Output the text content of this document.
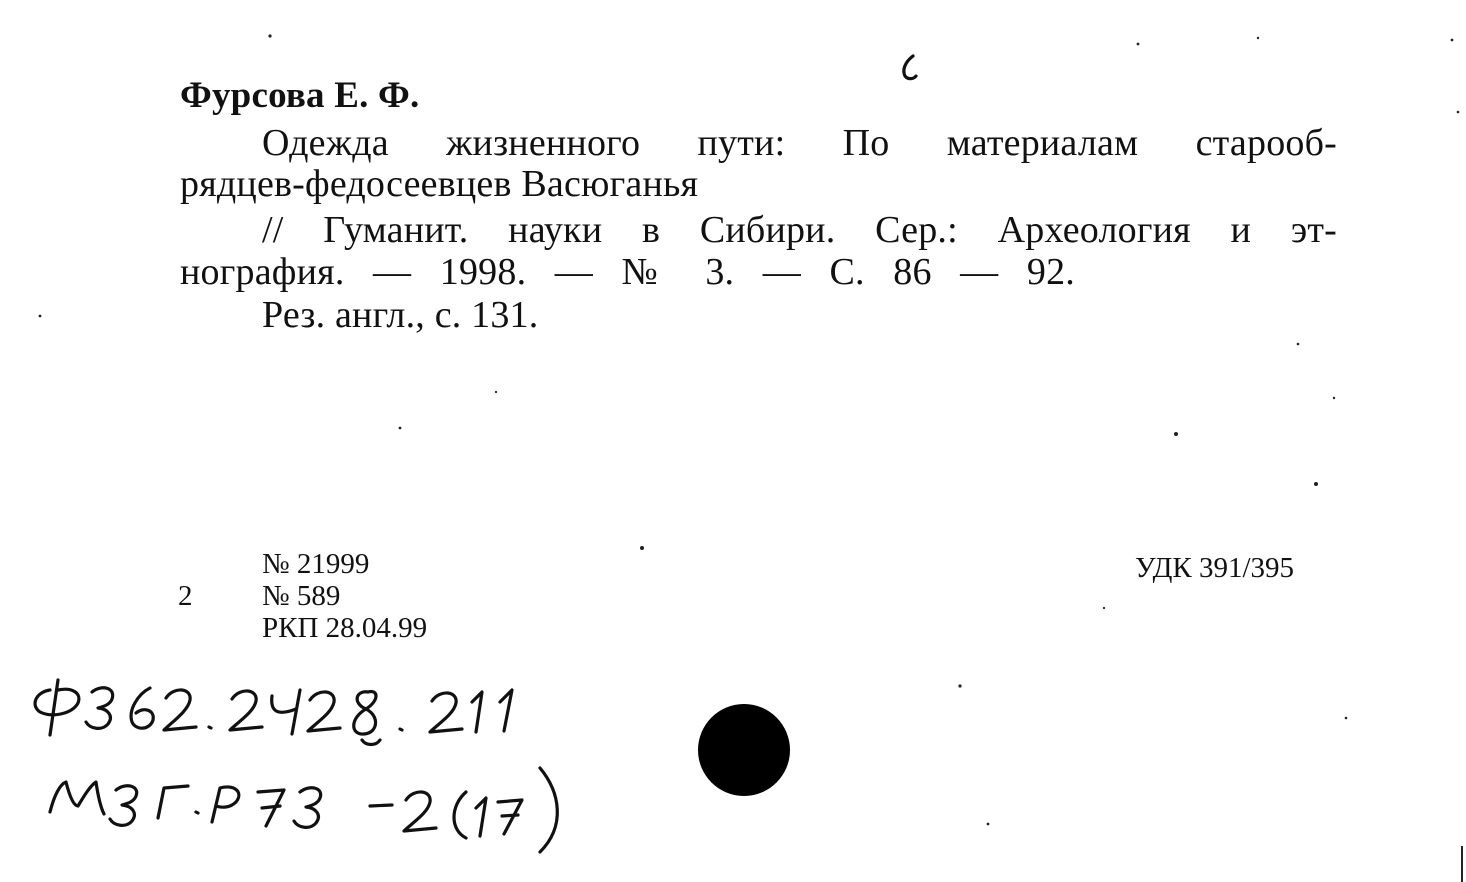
Фурсова Е. Ф.
Одежда жизненного пути: По материалам старооб-
рядцев-федосеевцев Васюганья
// Гуманит. науки в Сибири. Сер.: Археология и эт-
нография. — 1998. — № 3. — С. 86 — 92.
Рез. англ., с. 131.
№ 21999
2 № 589
РКП 28.04.99
УДК 391/395
